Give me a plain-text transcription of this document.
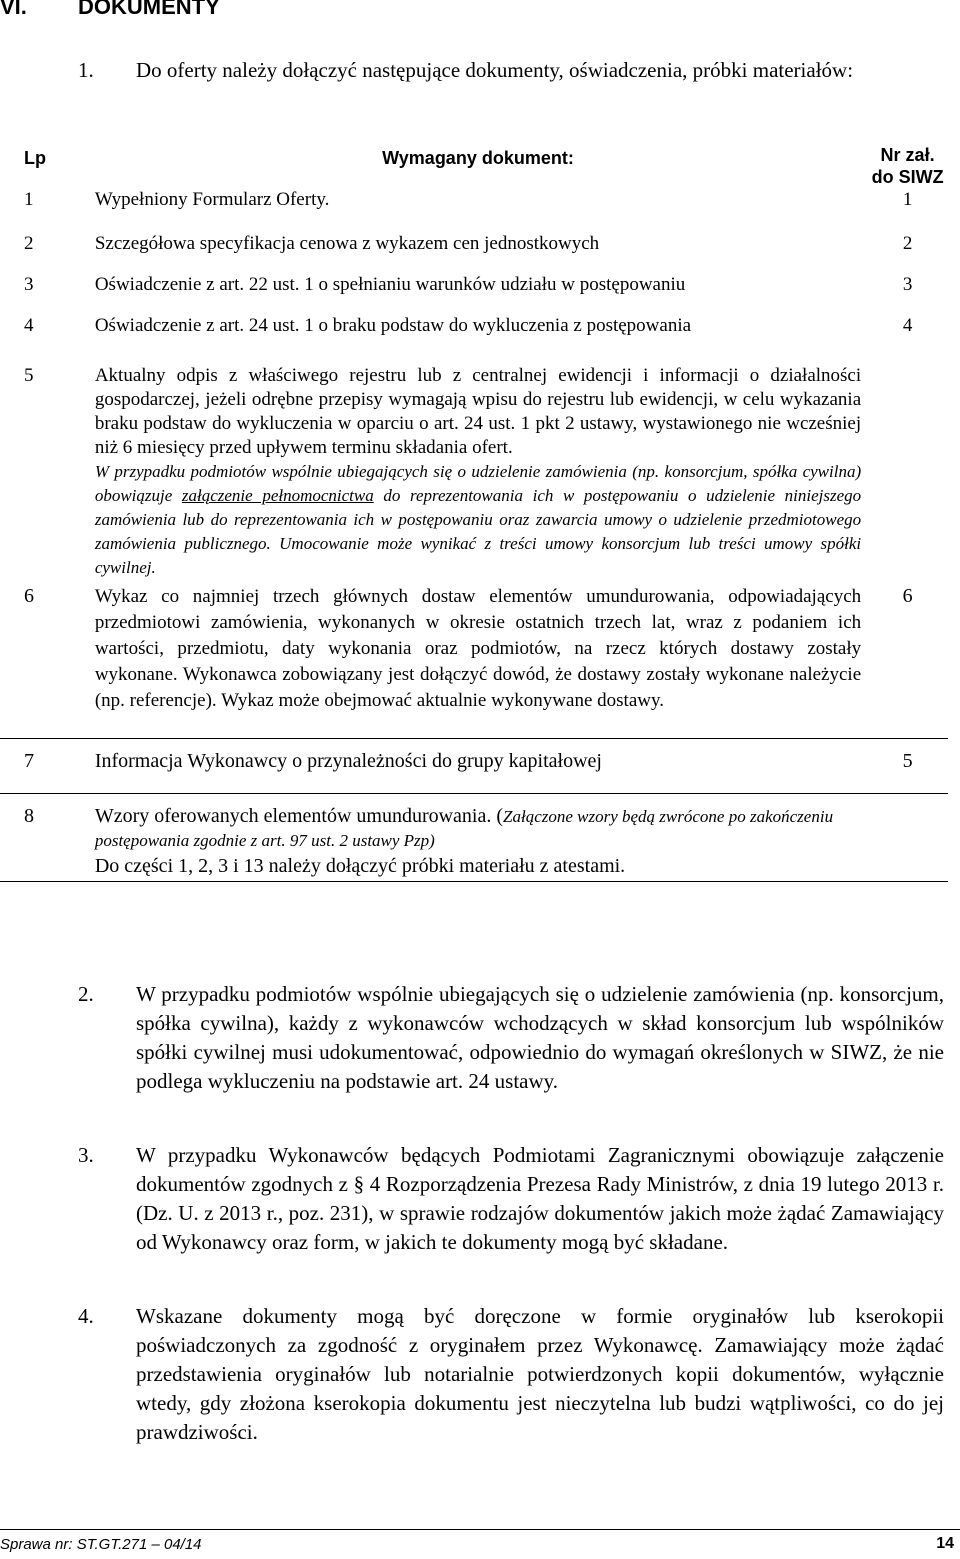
VI. DOKUMENTY
1. Do oferty należy dołączyć następujące dokumenty, oświadczenia, próbki materiałów:
Lp	Wymagany dokument:	Nr zał.
do SIWZ

1	Wypełniony Formularz Oferty.	1
2	Szczegółowa specyfikacja cenowa z wykazem cen jednostkowych	2
3	Oświadczenie z art. 22 ust. 1 o spełnianiu warunków udziału w postępowaniu	3
4	Oświadczenie z art. 24 ust. 1 o braku podstaw do wykluczenia z postępowania	4
5	Aktualny odpis z właściwego rejestru lub z centralnej ewidencji i informacji o działalności gospodarczej, jeżeli odrębne przepisy wymagają wpisu do rejestru lub ewidencji, w celu wykazania braku podstaw do wykluczenia w oparciu o art. 24 ust. 1 pkt 2 ustawy, wystawionego nie wcześniej niż 6 miesięcy przed upływem terminu składania ofert.
W przypadku podmiotów wspólnie ubiegających się o udzielenie zamówienia (np. konsorcjum, spółka cywilna) obowiązuje załączenie pełnomocnictwa do reprezentowania ich w postępowaniu o udzielenie niniejszego zamówienia lub do reprezentowania ich w postępowaniu oraz zawarcia umowy o udzielenie przedmiotowego zamówienia publicznego. Umocowanie może wynikać z treści umowy konsorcjum lub treści umowy spółki cywilnej.	

6	Wykaz co najmniej trzech głównych dostaw elementów umundurowania, odpowiadających przedmiotowi zamówienia, wykonanych w okresie ostatnich trzech lat, wraz z podaniem ich wartości, przedmiotu, daty wykonania oraz podmiotów, na rzecz których dostawy zostały wykonane. Wykonawca zobowiązany jest dołączyć dowód, że dostawy zostały wykonane należycie (np. referencje). Wykaz może obejmować aktualnie wykonywane dostawy.	6
7	Informacja Wykonawcy o przynależności do grupy kapitałowej	5
8	Wzory oferowanych elementów umundurowania. (Załączone wzory będą zwrócone po zakończeniu postępowania zgodnie z art. 97 ust. 2 ustawy Pzp)
Do części 1, 2, 3 i 13 należy dołączyć próbki materiału z atestami.	

2. W przypadku podmiotów wspólnie ubiegających się o udzielenie zamówienia (np. konsorcjum, spółka cywilna), każdy z wykonawców wchodzących w skład konsorcjum lub wspólników spółki cywilnej musi udokumentować, odpowiednio do wymagań określonych w SIWZ, że nie podlega wykluczeniu na podstawie art. 24 ustawy.
3. W przypadku Wykonawców będących Podmiotami Zagranicznymi obowiązuje załączenie dokumentów zgodnych z § 4 Rozporządzenia Prezesa Rady Ministrów, z dnia 19 lutego 2013 r. (Dz. U. z 2013 r., poz. 231), w sprawie rodzajów dokumentów jakich może żądać Zamawiający od Wykonawcy oraz form, w jakich te dokumenty mogą być składane.
4. Wskazane dokumenty mogą być doręczone w formie oryginałów lub kserokopii poświadczonych za zgodność z oryginałem przez Wykonawcę. Zamawiający może żądać przedstawienia oryginałów lub notarialnie potwierdzonych kopii dokumentów, wyłącznie wtedy, gdy złożona kserokopia dokumentu jest nieczytelna lub budzi wątpliwości, co do jej prawdziwości.
Sprawa nr: ST.GT.271 – 04/14	14
